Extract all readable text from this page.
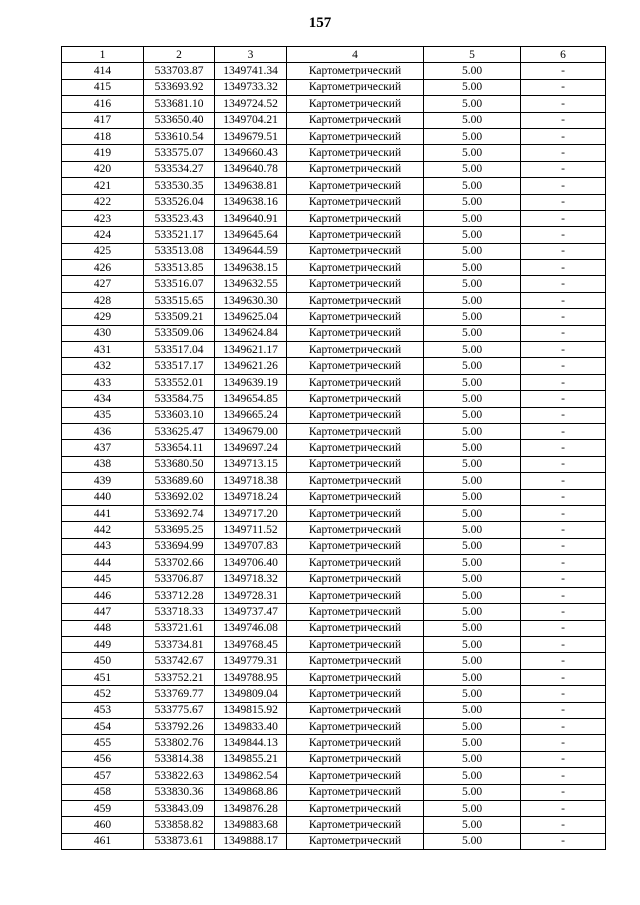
157
1	2	3	4	5	6
414	533703.87	1349741.34	Картометрический	5.00	-
415	533693.92	1349733.32	Картометрический	5.00	-
416	533681.10	1349724.52	Картометрический	5.00	-
417	533650.40	1349704.21	Картометрический	5.00	-
418	533610.54	1349679.51	Картометрический	5.00	-
419	533575.07	1349660.43	Картометрический	5.00	-
420	533534.27	1349640.78	Картометрический	5.00	-
421	533530.35	1349638.81	Картометрический	5.00	-
422	533526.04	1349638.16	Картометрический	5.00	-
423	533523.43	1349640.91	Картометрический	5.00	-
424	533521.17	1349645.64	Картометрический	5.00	-
425	533513.08	1349644.59	Картометрический	5.00	-
426	533513.85	1349638.15	Картометрический	5.00	-
427	533516.07	1349632.55	Картометрический	5.00	-
428	533515.65	1349630.30	Картометрический	5.00	-
429	533509.21	1349625.04	Картометрический	5.00	-
430	533509.06	1349624.84	Картометрический	5.00	-
431	533517.04	1349621.17	Картометрический	5.00	-
432	533517.17	1349621.26	Картометрический	5.00	-
433	533552.01	1349639.19	Картометрический	5.00	-
434	533584.75	1349654.85	Картометрический	5.00	-
435	533603.10	1349665.24	Картометрический	5.00	-
436	533625.47	1349679.00	Картометрический	5.00	-
437	533654.11	1349697.24	Картометрический	5.00	-
438	533680.50	1349713.15	Картометрический	5.00	-
439	533689.60	1349718.38	Картометрический	5.00	-
440	533692.02	1349718.24	Картометрический	5.00	-
441	533692.74	1349717.20	Картометрический	5.00	-
442	533695.25	1349711.52	Картометрический	5.00	-
443	533694.99	1349707.83	Картометрический	5.00	-
444	533702.66	1349706.40	Картометрический	5.00	-
445	533706.87	1349718.32	Картометрический	5.00	-
446	533712.28	1349728.31	Картометрический	5.00	-
447	533718.33	1349737.47	Картометрический	5.00	-
448	533721.61	1349746.08	Картометрический	5.00	-
449	533734.81	1349768.45	Картометрический	5.00	-
450	533742.67	1349779.31	Картометрический	5.00	-
451	533752.21	1349788.95	Картометрический	5.00	-
452	533769.77	1349809.04	Картометрический	5.00	-
453	533775.67	1349815.92	Картометрический	5.00	-
454	533792.26	1349833.40	Картометрический	5.00	-
455	533802.76	1349844.13	Картометрический	5.00	-
456	533814.38	1349855.21	Картометрический	5.00	-
457	533822.63	1349862.54	Картометрический	5.00	-
458	533830.36	1349868.86	Картометрический	5.00	-
459	533843.09	1349876.28	Картометрический	5.00	-
460	533858.82	1349883.68	Картометрический	5.00	-
461	533873.61	1349888.17	Картометрический	5.00	-
